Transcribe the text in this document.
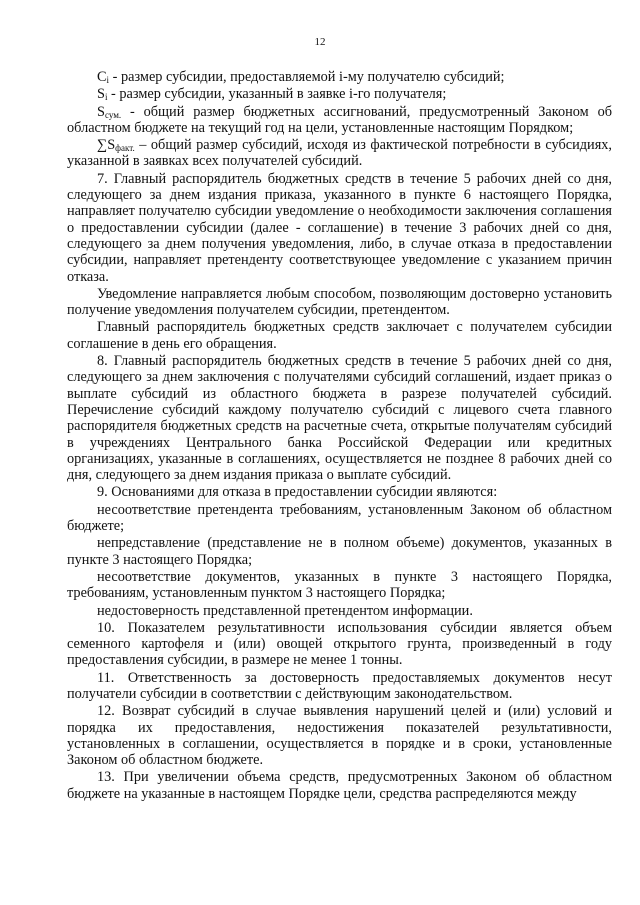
12

$C_i$ - размер субсидии, предоставляемой i-му получателю субсидий;

$S_i$ - размер субсидии, указанный в заявке i-го получателя;

$S_{сум.}$ - общий размер бюджетных ассигнований, предусмотренный Законом об областном бюджете на текущий год на цели, установленные настоящим Порядком;

$\sum S_{факт.}$ – общий размер субсидий, исходя из фактической потребности в субсидиях, указанной в заявках всех получателей субсидий.

7. Главный распорядитель бюджетных средств в течение 5 рабочих дней со дня, следующего за днем издания приказа, указанного в пункте 6 настоящего Порядка, направляет получателю субсидии уведомление о необходимости заключения соглашения о предоставлении субсидии (далее - соглашение) в течение 3 рабочих дней со дня, следующего за днем получения уведомления, либо, в случае отказа в предоставлении субсидии, направляет претенденту соответствующее уведомление с указанием причин отказа.

Уведомление направляется любым способом, позволяющим достоверно установить получение уведомления получателем субсидии, претендентом.

Главный распорядитель бюджетных средств заключает с получателем субсидии соглашение в день его обращения.

8. Главный распорядитель бюджетных средств в течение 5 рабочих дней со дня, следующего за днем заключения с получателями субсидий соглашений, издает приказ о выплате субсидий из областного бюджета в разрезе получателей субсидий. Перечисление субсидий каждому получателю субсидий с лицевого счета главного распорядителя бюджетных средств на расчетные счета, открытые получателям субсидий в учреждениях Центрального банка Российской Федерации или кредитных организациях, указанные в соглашениях, осуществляется не позднее 8 рабочих дней со дня, следующего за днем издания приказа о выплате субсидий.

9. Основаниями для отказа в предоставлении субсидии являются:

несоответствие претендента требованиям, установленным Законом об областном бюджете;

непредставление (представление не в полном объеме) документов, указанных в пункте 3 настоящего Порядка;

несоответствие документов, указанных в пункте 3 настоящего Порядка, требованиям, установленным пунктом 3 настоящего Порядка;

недостоверность представленной претендентом информации.

10. Показателем результативности использования субсидии является объем семенного картофеля и (или) овощей открытого грунта, произведенный в году предоставления субсидии, в размере не менее 1 тонны.

11. Ответственность за достоверность предоставляемых документов несут получатели субсидии в соответствии с действующим законодательством.

12. Возврат субсидий в случае выявления нарушений целей и (или) условий и порядка их предоставления, недостижения показателей результативности, установленных в соглашении, осуществляется в порядке и в сроки, установленные Законом об областном бюджете.

13. При увеличении объема средств, предусмотренных Законом об областном бюджете на указанные в настоящем Порядке цели, средства распределяются между
